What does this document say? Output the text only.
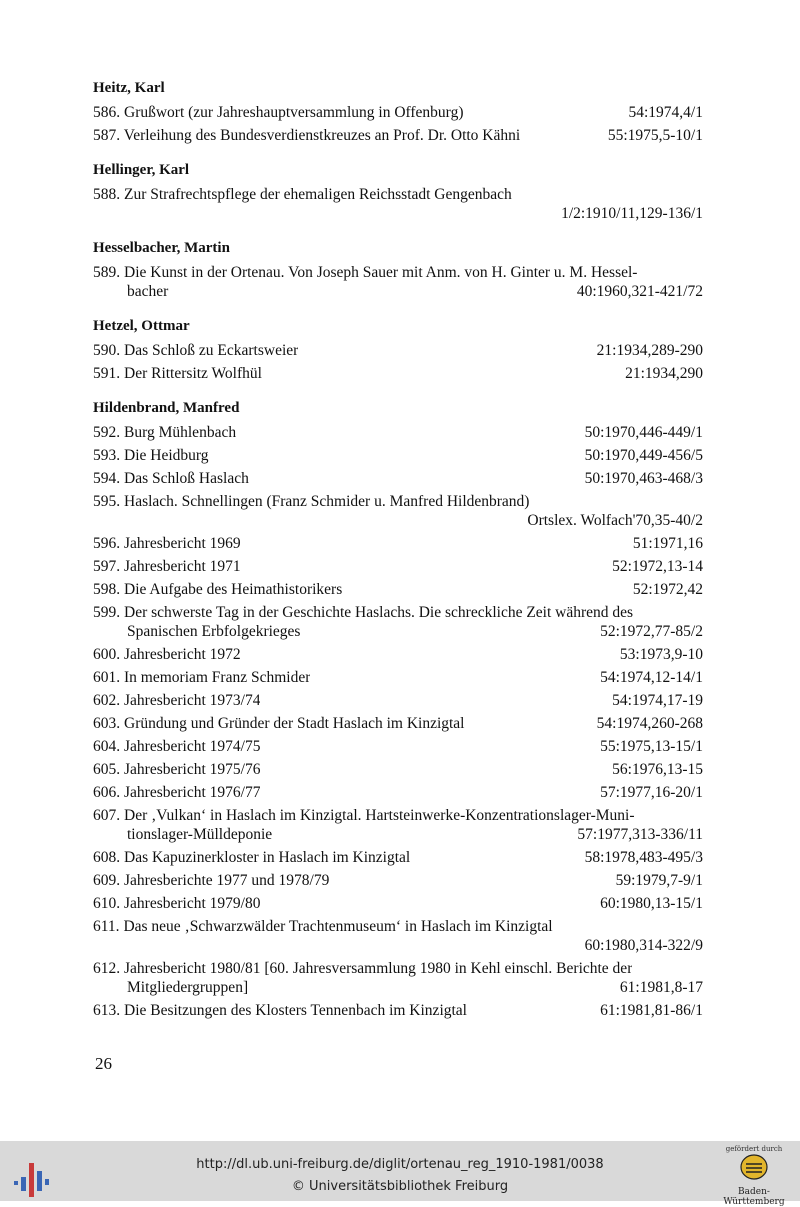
Heitz, Karl
586. Grußwort (zur Jahreshauptversammlung in Offenburg)	54:1974,4/1
587. Verleihung des Bundesverdienstkreuzes an Prof. Dr. Otto Kähni	55:1975,5-10/1
Hellinger, Karl
588. Zur Strafrechtspflege der ehemaligen Reichsstadt Gengenbach
1/2:1910/11,129-136/1
Hesselbacher, Martin
589. Die Kunst in der Ortenau. Von Joseph Sauer mit Anm. von H. Ginter u. M. Hessel-
bacher	40:1960,321-421/72
Hetzel, Ottmar
590. Das Schloß zu Eckartsweier	21:1934,289-290
591. Der Rittersitz Wolfhül	21:1934,290
Hildenbrand, Manfred
592. Burg Mühlenbach	50:1970,446-449/1
593. Die Heidburg	50:1970,449-456/5
594. Das Schloß Haslach	50:1970,463-468/3
595. Haslach. Schnellingen (Franz Schmider u. Manfred Hildenbrand)
Ortslex. Wolfach'70,35-40/2
596. Jahresbericht 1969	51:1971,16
597. Jahresbericht 1971	52:1972,13-14
598. Die Aufgabe des Heimathistorikers	52:1972,42
599. Der schwerste Tag in der Geschichte Haslachs. Die schreckliche Zeit während des
Spanischen Erbfolgekrieges	52:1972,77-85/2
600. Jahresbericht 1972	53:1973,9-10
601. In memoriam Franz Schmider	54:1974,12-14/1
602. Jahresbericht 1973/74	54:1974,17-19
603. Gründung und Gründer der Stadt Haslach im Kinzigtal	54:1974,260-268
604. Jahresbericht 1974/75	55:1975,13-15/1
605. Jahresbericht 1975/76	56:1976,13-15
606. Jahresbericht 1976/77	57:1977,16-20/1
607. Der ‚Vulkan‘ in Haslach im Kinzigtal. Hartsteinwerke-Konzentrationslager-Muni-
tionslager-Mülldeponie	57:1977,313-336/11
608. Das Kapuzinerkloster in Haslach im Kinzigtal	58:1978,483-495/3
609. Jahresberichte 1977 und 1978/79	59:1979,7-9/1
610. Jahresbericht 1979/80	60:1980,13-15/1
611. Das neue ‚Schwarzwälder Trachtenmuseum‘ in Haslach im Kinzigtal
60:1980,314-322/9
612. Jahresbericht 1980/81 [60. Jahresversammlung 1980 in Kehl einschl. Berichte der
Mitgliedergruppen]	61:1981,8-17
613. Die Besitzungen des Klosters Tennenbach im Kinzigtal	61:1981,81-86/1
26
http://dl.ub.uni-freiburg.de/diglit/ortenau_reg_1910-1981/0038
© Universitätsbibliothek Freiburg
gefördert durch
Baden-Württemberg
